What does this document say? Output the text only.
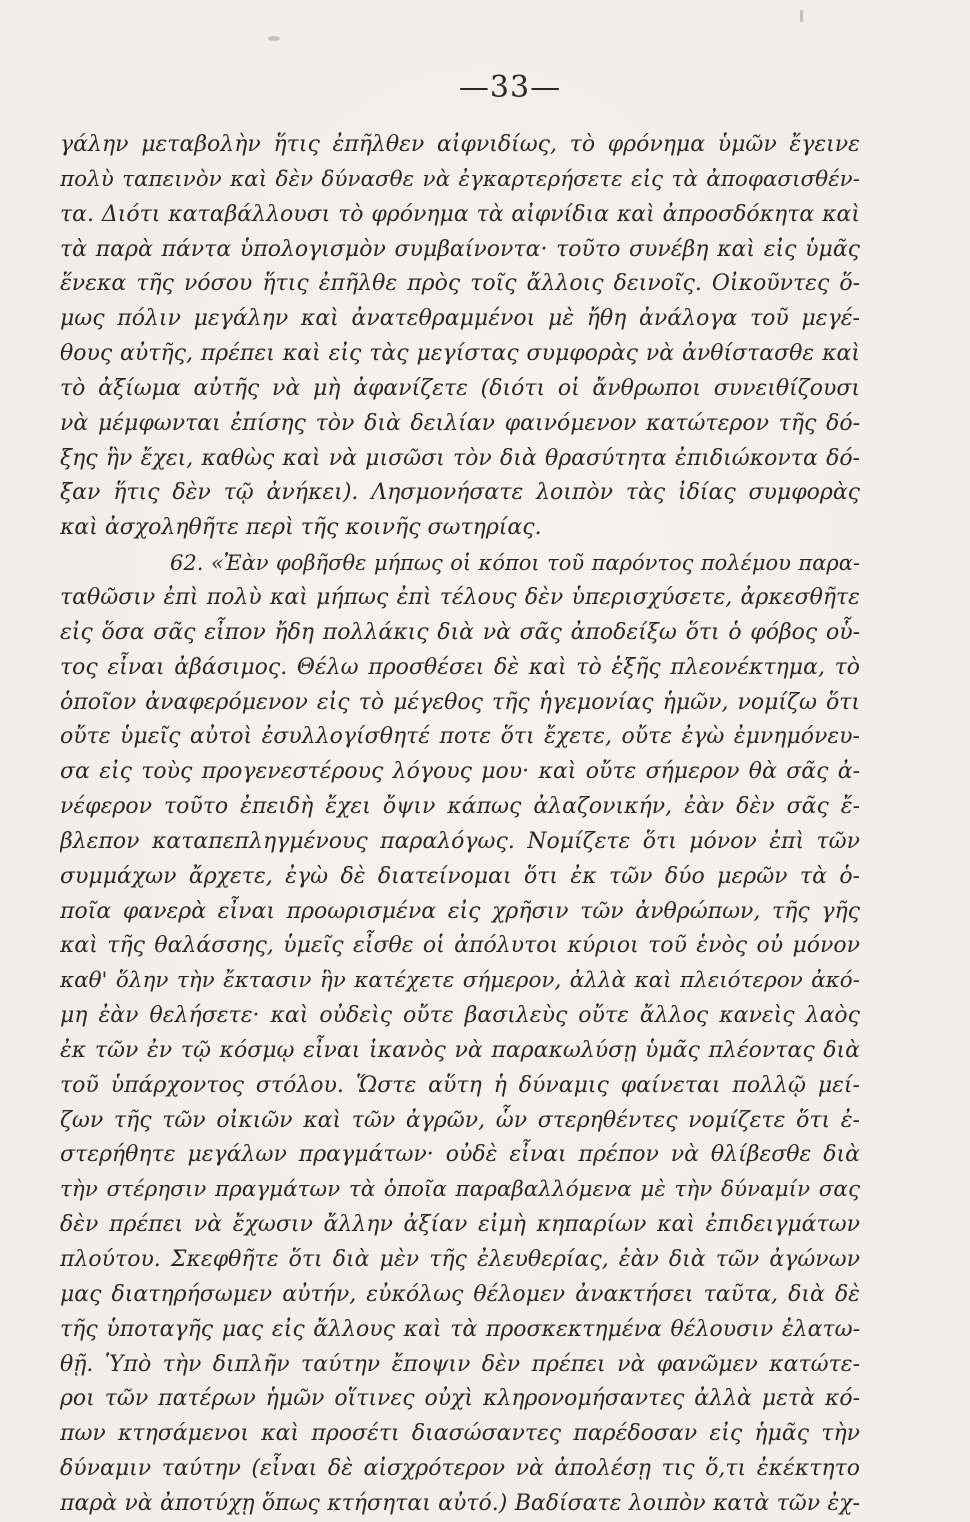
—33—
γάλην μεταβολὴν ἥτις ἐπῆλθεν αἰφνιδίως, τὸ φρόνημα ὑμῶν ἔγεινε
πολὺ ταπεινὸν καὶ δὲν δύνασθε νὰ ἐγκαρτερήσετε εἰς τὰ ἀποφασισθέν-
τα. Διότι καταβάλλουσι τὸ φρόνημα τὰ αἰφνίδια καὶ ἀπροσδόκητα καὶ
τὰ παρὰ πάντα ὑπολογισμὸν συμβαίνοντα· τοῦτο συνέβη καὶ εἰς ὑμᾶς
ἕνεκα τῆς νόσου ἥτις ἐπῆλθε πρὸς τοῖς ἄλλοις δεινοῖς. Οἰκοῦντες ὅ-
μως πόλιν μεγάλην καὶ ἀνατεθραμμένοι μὲ ἤθη ἀνάλογα τοῦ μεγέ-
θους αὐτῆς, πρέπει καὶ εἰς τὰς μεγίστας συμφορὰς νὰ ἀνθίστασθε καὶ
τὸ ἀξίωμα αὐτῆς νὰ μὴ ἀφανίζετε (διότι οἱ ἄνθρωποι συνειθίζουσι
νὰ μέμφωνται ἐπίσης τὸν διὰ δειλίαν φαινόμενον κατώτερον τῆς δό-
ξης ἣν ἔχει, καθὼς καὶ νὰ μισῶσι τὸν διὰ θρασύτητα ἐπιδιώκοντα δό-
ξαν ἥτις δὲν τῷ ἀνήκει). Λησμονήσατε λοιπὸν τὰς ἰδίας συμφορὰς
καὶ ἀσχοληθῆτε περὶ τῆς κοινῆς σωτηρίας.
62. «Ἐὰν φοβῆσθε μήπως οἱ κόποι τοῦ παρόντος πολέμου παρα-
ταθῶσιν ἐπὶ πολὺ καὶ μήπως ἐπὶ τέλους δὲν ὑπερισχύσετε, ἀρκεσθῆτε
εἰς ὅσα σᾶς εἶπον ἤδη πολλάκις διὰ νὰ σᾶς ἀποδείξω ὅτι ὁ φόβος οὗ-
τος εἶναι ἀβάσιμος. Θέλω προσθέσει δὲ καὶ τὸ ἑξῆς πλεονέκτημα, τὸ
ὁποῖον ἀναφερόμενον εἰς τὸ μέγεθος τῆς ἡγεμονίας ἡμῶν, νομίζω ὅτι
οὔτε ὑμεῖς αὐτοὶ ἐσυλλογίσθητέ ποτε ὅτι ἔχετε, οὔτε ἐγὼ ἐμνημόνευ-
σα εἰς τοὺς προγενεστέρους λόγους μου· καὶ οὔτε σήμερον θὰ σᾶς ἀ-
νέφερον τοῦτο ἐπειδὴ ἔχει ὄψιν κάπως ἀλαζονικήν, ἐὰν δὲν σᾶς ἔ-
βλεπον καταπεπληγμένους παραλόγως. Νομίζετε ὅτι μόνον ἐπὶ τῶν
συμμάχων ἄρχετε, ἐγὼ δὲ διατείνομαι ὅτι ἐκ τῶν δύο μερῶν τὰ ὁ-
ποῖα φανερὰ εἶναι προωρισμένα εἰς χρῆσιν τῶν ἀνθρώπων, τῆς γῆς
καὶ τῆς θαλάσσης, ὑμεῖς εἶσθε οἱ ἀπόλυτοι κύριοι τοῦ ἑνὸς οὐ μόνον
καθ' ὅλην τὴν ἔκτασιν ἣν κατέχετε σήμερον, ἀλλὰ καὶ πλειότερον ἀκό-
μη ἐὰν θελήσετε· καὶ οὐδεὶς οὔτε βασιλεὺς οὔτε ἄλλος κανεὶς λαὸς
ἐκ τῶν ἐν τῷ κόσμῳ εἶναι ἱκανὸς νὰ παρακωλύσῃ ὑμᾶς πλέοντας διὰ
τοῦ ὑπάρχοντος στόλου. Ὥστε αὕτη ἡ δύναμις φαίνεται πολλῷ μεί-
ζων τῆς τῶν οἰκιῶν καὶ τῶν ἀγρῶν, ὧν στερηθέντες νομίζετε ὅτι ἐ-
στερήθητε μεγάλων πραγμάτων· οὐδὲ εἶναι πρέπον νὰ θλίβεσθε διὰ
τὴν στέρησιν πραγμάτων τὰ ὁποῖα παραβαλλόμενα μὲ τὴν δύναμίν σας
δὲν πρέπει νὰ ἔχωσιν ἄλλην ἀξίαν εἰμὴ κηπαρίων καὶ ἐπιδειγμάτων
πλούτου. Σκεφθῆτε ὅτι διὰ μὲν τῆς ἐλευθερίας, ἐὰν διὰ τῶν ἀγώνων
μας διατηρήσωμεν αὐτήν, εὐκόλως θέλομεν ἀνακτήσει ταῦτα, διὰ δὲ
τῆς ὑποταγῆς μας εἰς ἄλλους καὶ τὰ προσκεκτημένα θέλουσιν ἐλατω-
θῇ. Ὑπὸ τὴν διπλῆν ταύτην ἔποψιν δὲν πρέπει νὰ φανῶμεν κατώτε-
ροι τῶν πατέρων ἡμῶν οἵτινες οὐχὶ κληρονομήσαντες ἀλλὰ μετὰ κό-
πων κτησάμενοι καὶ προσέτι διασώσαντες παρέδοσαν εἰς ἡμᾶς τὴν
δύναμιν ταύτην (εἶναι δὲ αἰσχρότερον νὰ ἀπολέσῃ τις ὅ,τι ἐκέκτητο
παρὰ νὰ ἀποτύχῃ ὅπως κτήσηται αὐτό.) Βαδίσατε λοιπὸν κατὰ τῶν ἐχ-
